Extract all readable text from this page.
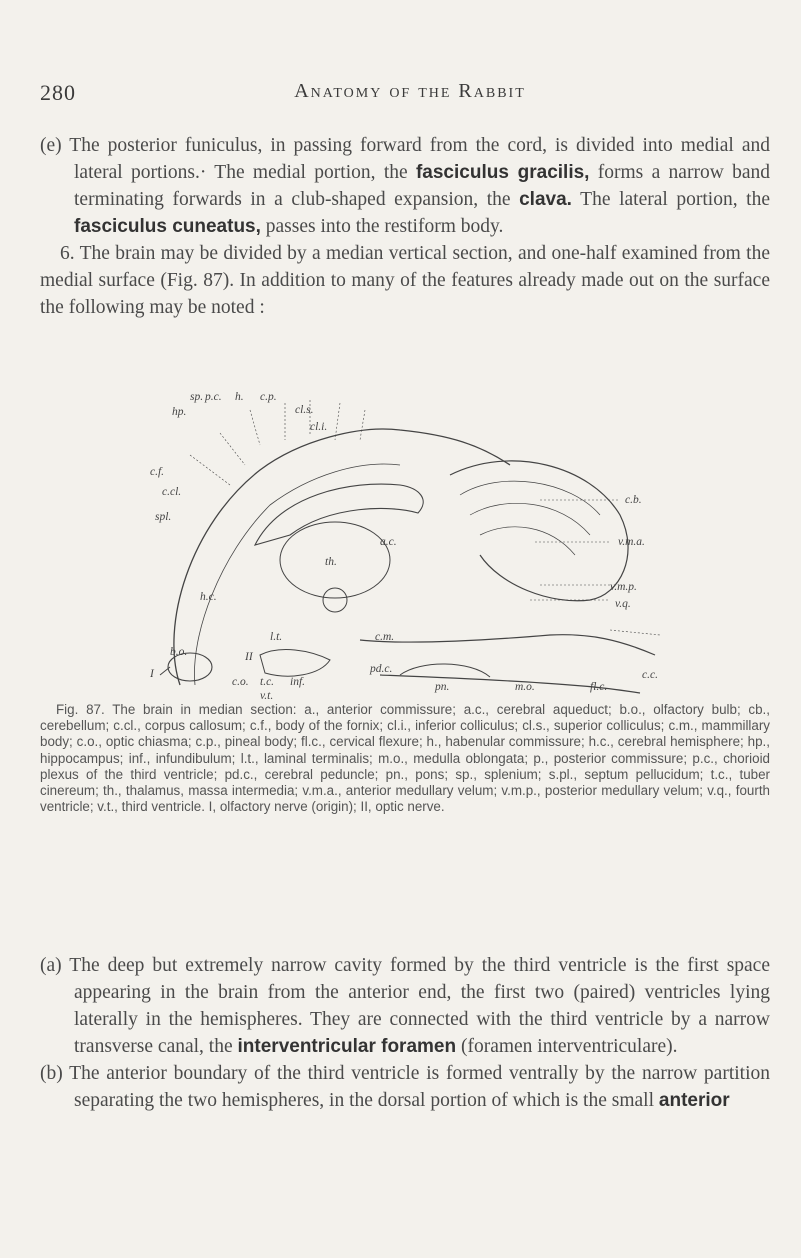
280	Anatomy of the Rabbit

(e) The posterior funiculus, in passing forward from the cord, is divided into medial and lateral portions.· The medial portion, the fasciculus gracilis, forms a narrow band terminating forwards in a club-shaped expansion, the clava. The lateral portion, the fasciculus cuneatus, passes into the restiform body.

6. The brain may be divided by a median vertical section, and one-half examined from the medial surface (Fig. 87). In addition to many of the features already made out on the surface the following may be noted :

sp. p.c. h. c.p.
hp.	cl.s.
cl.i.
c.f.
c.cl.
spl.
c.b.
a.c.
th.
v.m.a.
h.c.
v.m.p.
v.q.
b.o.
I
II
l.t.	c.m.
pd.c.	c.c.
c.o. t.c. inf.	pn.	m.o.	fl.c.
v.t.
Fig. 87. The brain in median section: a., anterior commissure; a.c., cerebral aqueduct; b.o., olfactory bulb; cb., cerebellum; c.cl., corpus callosum; c.f., body of the fornix; cl.i., inferior colliculus; cl.s., superior colliculus; c.m., mammillary body; c.o., optic chiasma; c.p., pineal body; fl.c., cervical flexure; h., habenular commissure; h.c., cerebral hemisphere; hp., hippocampus; inf., infundibulum; l.t., laminal terminalis; m.o., medulla oblongata; p., posterior commissure; p.c., chorioid plexus of the third ventricle; pd.c., cerebral peduncle; pn., pons; sp., splenium; s.pl., septum pellucidum; t.c., tuber cinereum; th., thalamus, massa intermedia; v.m.a., anterior medullary velum; v.m.p., posterior medullary velum; v.q., fourth ventricle; v.t., third ventricle. I, olfactory nerve (origin); II, optic nerve.

(a) The deep but extremely narrow cavity formed by the third ventricle is the first space appearing in the brain from the anterior end, the first two (paired) ventricles lying laterally in the hemispheres. They are connected with the third ventricle by a narrow transverse canal, the interventricular foramen (foramen interventriculare).

(b) The anterior boundary of the third ventricle is formed ventrally by the narrow partition separating the two hemispheres, in the dorsal portion of which is the small anterior
